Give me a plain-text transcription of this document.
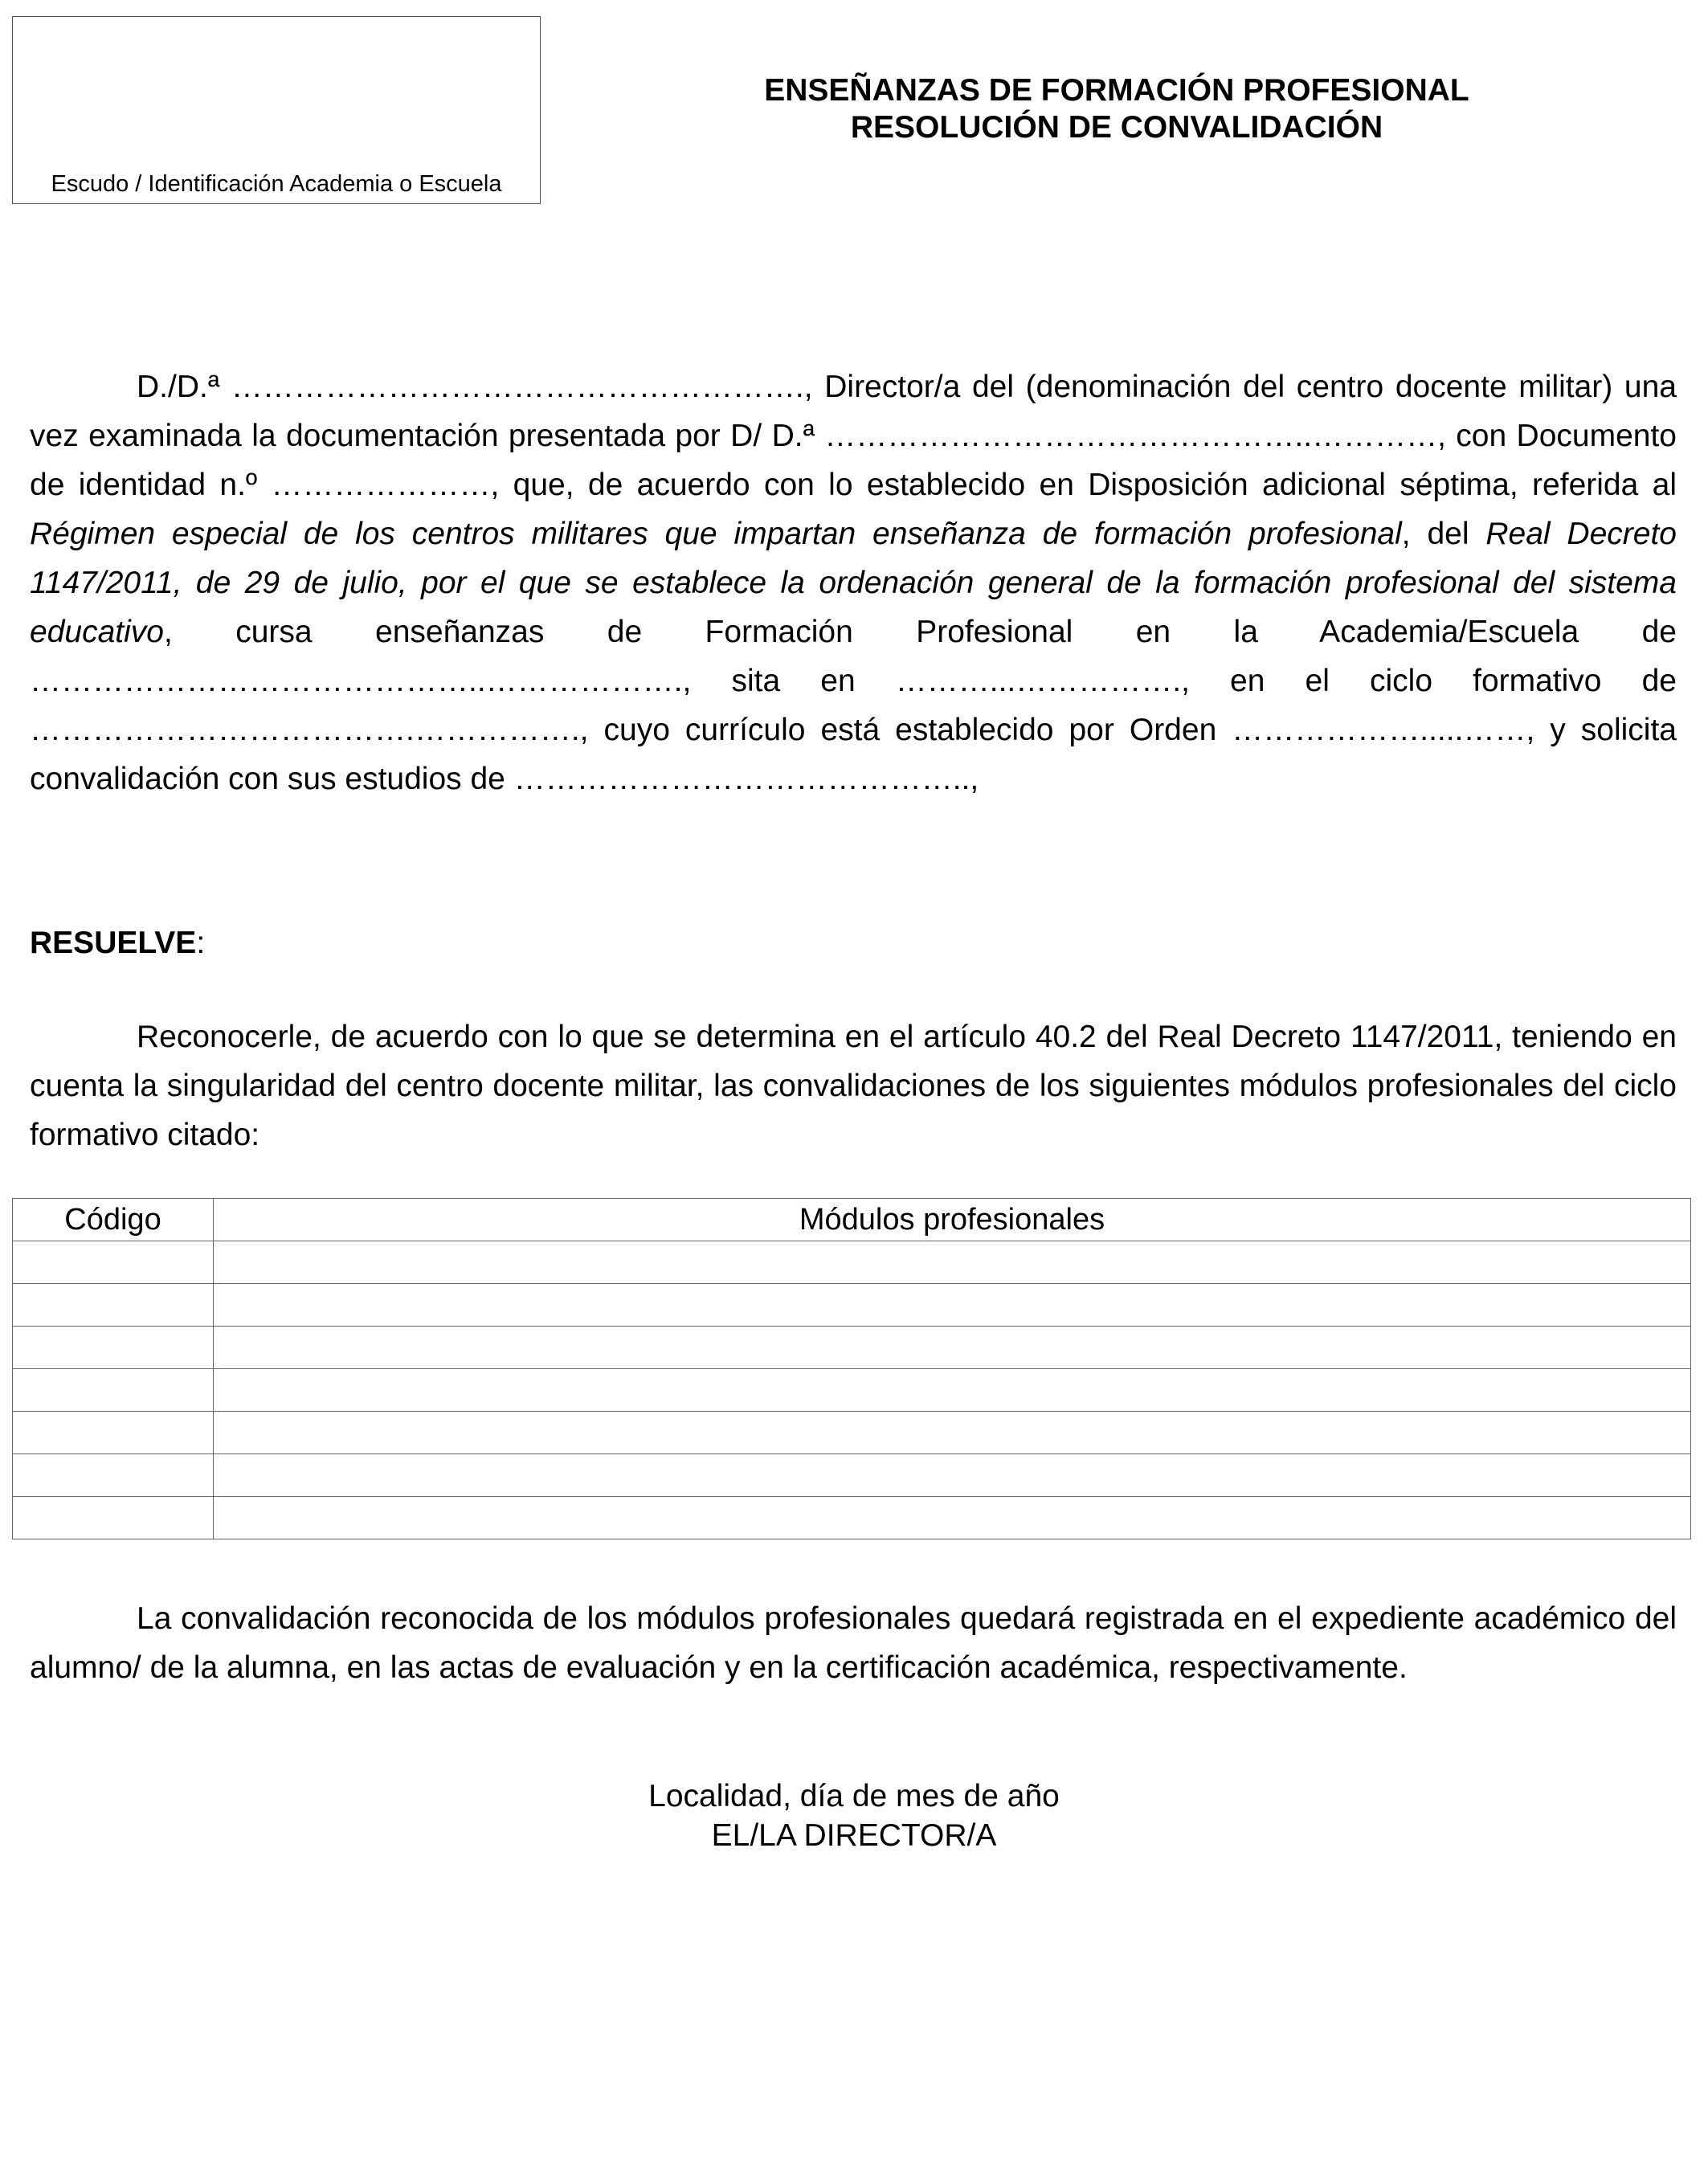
Escudo / Identificación Academia o Escuela
ENSEÑANZAS DE FORMACIÓN PROFESIONAL
RESOLUCIÓN DE CONVALIDACIÓN

D./D.ª ………………………………………………., Director/a del (denominación del centro docente militar) una vez examinada la documentación presentada por D/ D.ª ………………………………………..…………, con Documento de identidad n.º …………………, que, de acuerdo con lo establecido en Disposición adicional séptima, referida al Régimen especial de los centros militares que impartan enseñanza de formación profesional, del Real Decreto 1147/2011, de 29 de julio, por el que se establece la ordenación general de la formación profesional del sistema educativo, cursa enseñanzas de Formación Profesional en la Academia/Escuela de ……………………………………..………………., sita en ………...……………., en el ciclo formativo de ……………………………….……………., cuyo currículo está establecido por Orden ……………….....……, y solicita convalidación con sus estudios de ……………………………………..,

RESUELVE:

Reconocerle, de acuerdo con lo que se determina en el artículo 40.2 del Real Decreto 1147/2011, teniendo en cuenta la singularidad del centro docente militar, las convalidaciones de los siguientes módulos profesionales del ciclo formativo citado:

Código	Módulos profesionales

La convalidación reconocida de los módulos profesionales quedará registrada en el expediente académico del alumno/ de la alumna, en las actas de evaluación y en la certificación académica, respectivamente.

Localidad, día de mes de año
EL/LA DIRECTOR/A
